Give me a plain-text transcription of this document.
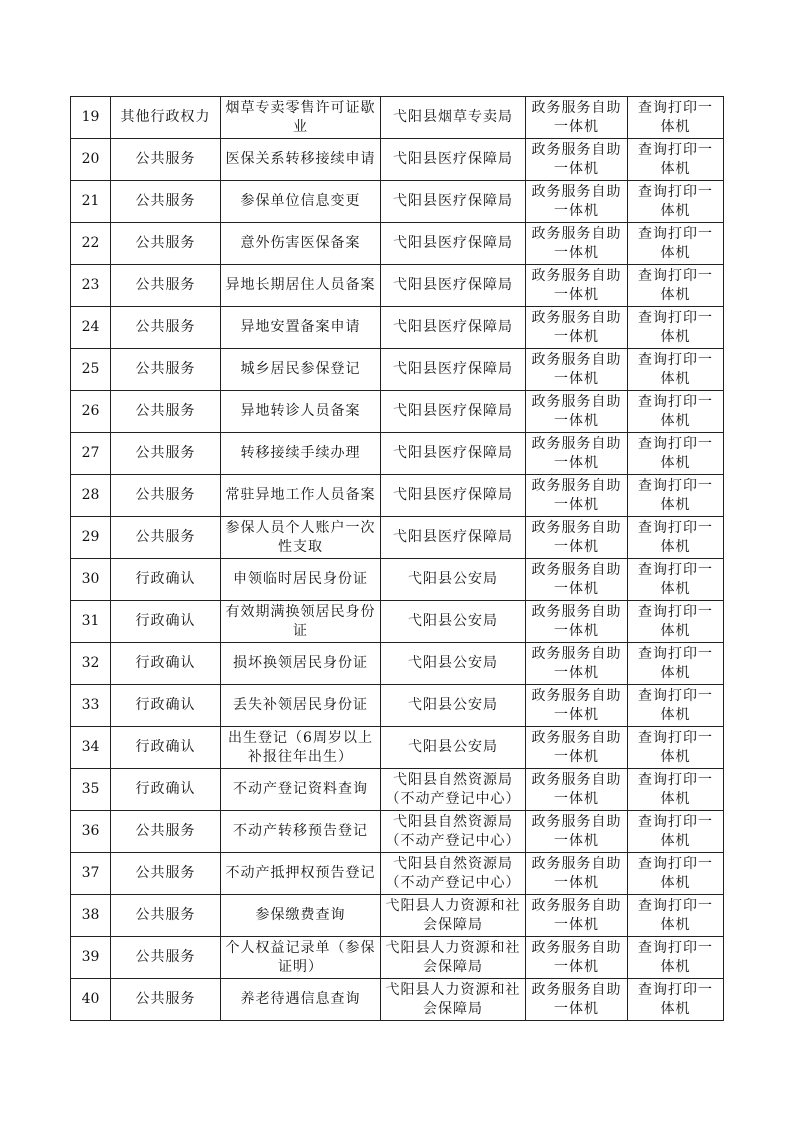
19	其他行政权力	烟草专卖零售许可证歇业	弋阳县烟草专卖局	政务服务自助一体机	查询打印一体机
20	公共服务	医保关系转移接续申请	弋阳县医疗保障局	政务服务自助一体机	查询打印一体机
21	公共服务	参保单位信息变更	弋阳县医疗保障局	政务服务自助一体机	查询打印一体机
22	公共服务	意外伤害医保备案	弋阳县医疗保障局	政务服务自助一体机	查询打印一体机
23	公共服务	异地长期居住人员备案	弋阳县医疗保障局	政务服务自助一体机	查询打印一体机
24	公共服务	异地安置备案申请	弋阳县医疗保障局	政务服务自助一体机	查询打印一体机
25	公共服务	城乡居民参保登记	弋阳县医疗保障局	政务服务自助一体机	查询打印一体机
26	公共服务	异地转诊人员备案	弋阳县医疗保障局	政务服务自助一体机	查询打印一体机
27	公共服务	转移接续手续办理	弋阳县医疗保障局	政务服务自助一体机	查询打印一体机
28	公共服务	常驻异地工作人员备案	弋阳县医疗保障局	政务服务自助一体机	查询打印一体机
29	公共服务	参保人员个人账户一次性支取	弋阳县医疗保障局	政务服务自助一体机	查询打印一体机
30	行政确认	申领临时居民身份证	弋阳县公安局	政务服务自助一体机	查询打印一体机
31	行政确认	有效期满换领居民身份证	弋阳县公安局	政务服务自助一体机	查询打印一体机
32	行政确认	损坏换领居民身份证	弋阳县公安局	政务服务自助一体机	查询打印一体机
33	行政确认	丢失补领居民身份证	弋阳县公安局	政务服务自助一体机	查询打印一体机
34	行政确认	出生登记（6周岁以上补报往年出生）	弋阳县公安局	政务服务自助一体机	查询打印一体机
35	行政确认	不动产登记资料查询	弋阳县自然资源局（不动产登记中心）	政务服务自助一体机	查询打印一体机
36	公共服务	不动产转移预告登记	弋阳县自然资源局（不动产登记中心）	政务服务自助一体机	查询打印一体机
37	公共服务	不动产抵押权预告登记	弋阳县自然资源局（不动产登记中心）	政务服务自助一体机	查询打印一体机
38	公共服务	参保缴费查询	弋阳县人力资源和社会保障局	政务服务自助一体机	查询打印一体机
39	公共服务	个人权益记录单（参保证明）	弋阳县人力资源和社会保障局	政务服务自助一体机	查询打印一体机
40	公共服务	养老待遇信息查询	弋阳县人力资源和社会保障局	政务服务自助一体机	查询打印一体机
